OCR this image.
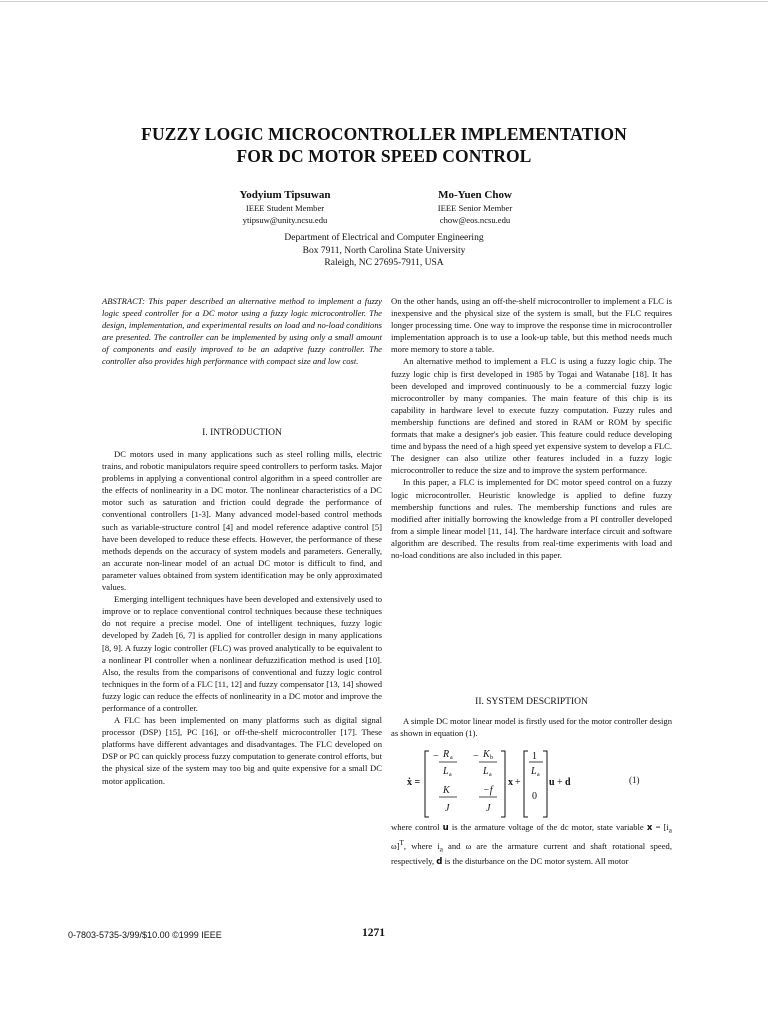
FUZZY LOGIC MICROCONTROLLER IMPLEMENTATION
FOR DC MOTOR SPEED CONTROL
Yodyium Tipsuwan
IEEE Student Member
ytipsuw@unity.ncsu.edu
Mo-Yuen Chow
IEEE Senior Member
chow@eos.ncsu.edu
Department of Electrical and Computer Engineering
Box 7911, North Carolina State University
Raleigh, NC 27695-7911, USA

ABSTRACT: This paper described an alternative method to implement a fuzzy logic speed controller for a DC motor using a fuzzy logic microcontroller. The design, implementation, and experimental results on load and no-load conditions are presented. The controller can be implemented by using only a small amount of components and easily improved to be an adaptive fuzzy controller. The controller also provides high performance with compact size and low cost.

I. INTRODUCTION

DC motors used in many applications such as steel rolling mills, electric trains, and robotic manipulators require speed controllers to perform tasks. Major problems in applying a conventional control algorithm in a speed controller are the effects of nonlinearity in a DC motor. The nonlinear characteristics of a DC motor such as saturation and friction could degrade the performance of conventional controllers [1-3]. Many advanced model-based control methods such as variable-structure control [4] and model reference adaptive control [5] have been developed to reduce these effects. However, the performance of these methods depends on the accuracy of system models and parameters. Generally, an accurate non-linear model of an actual DC motor is difficult to find, and parameter values obtained from system identification may be only approximated values.

Emerging intelligent techniques have been developed and extensively used to improve or to replace conventional control techniques because these techniques do not require a precise model. One of intelligent techniques, fuzzy logic developed by Zadeh [6, 7] is applied for controller design in many applications [8, 9]. A fuzzy logic controller (FLC) was proved analytically to be equivalent to a nonlinear PI controller when a nonlinear defuzzification method is used [10]. Also, the results from the comparisons of conventional and fuzzy logic control techniques in the form of a FLC [11, 12] and fuzzy compensator [13, 14] showed fuzzy logic can reduce the effects of nonlinearity in a DC motor and improve the performance of a controller.

A FLC has been implemented on many platforms such as digital signal processor (DSP) [15], PC [16], or off-the-shelf microcontroller [17]. These platforms have different advantages and disadvantages. The FLC developed on DSP or PC can quickly process fuzzy computation to generate control efforts, but the physical size of the system may too big and quite expensive for a small DC motor application.

On the other hands, using an off-the-shelf microcontroller to implement a FLC is inexpensive and the physical size of the system is small, but the FLC requires longer processing time. One way to improve the response time in microcontroller implementation approach is to use a look-up table, but this method needs much more memory to store a table.

An alternative method to implement a FLC is using a fuzzy logic chip. The fuzzy logic chip is first developed in 1985 by Togai and Watanabe [18]. It has been developed and improved continuously to be a commercial fuzzy logic microcontroller by many companies. The main feature of this chip is its capability in hardware level to execute fuzzy computation. Fuzzy rules and membership functions are defined and stored in RAM or ROM by specific formats that make a designer's job easier. This feature could reduce developing time and bypass the need of a high speed yet expensive system to develop a FLC. The designer can also utilize other features included in a fuzzy logic microcontroller to reduce the size and to improve the system performance.

In this paper, a FLC is implemented for DC motor speed control on a fuzzy logic microcontroller. Heuristic knowledge is applied to define fuzzy membership functions and rules. The membership functions and rules are modified after initially borrowing the knowledge from a PI controller developed from a simple linear model [11, 14]. The hardware interface circuit and software algorithm are described. The results from real-time experiments with load and no-load conditions are also included in this paper.

II. SYSTEM DESCRIPTION

A simple DC motor linear model is firstly used for the motor controller design as shown in equation (1).

ẋ =
− R a
L a
− K b
L a
K
J
−f
J
x +
1
L a
0
u + d	(1)

where control u is the armature voltage of the dc motor, state variable $x = [i_a$ ω]$^T$, where $i_a$ and ω are the armature current and shaft rotational speed, respectively, d is the disturbance on the DC motor system. All motor

0-7803-5735-3/99/$10.00 ©1999 IEEE	1271
